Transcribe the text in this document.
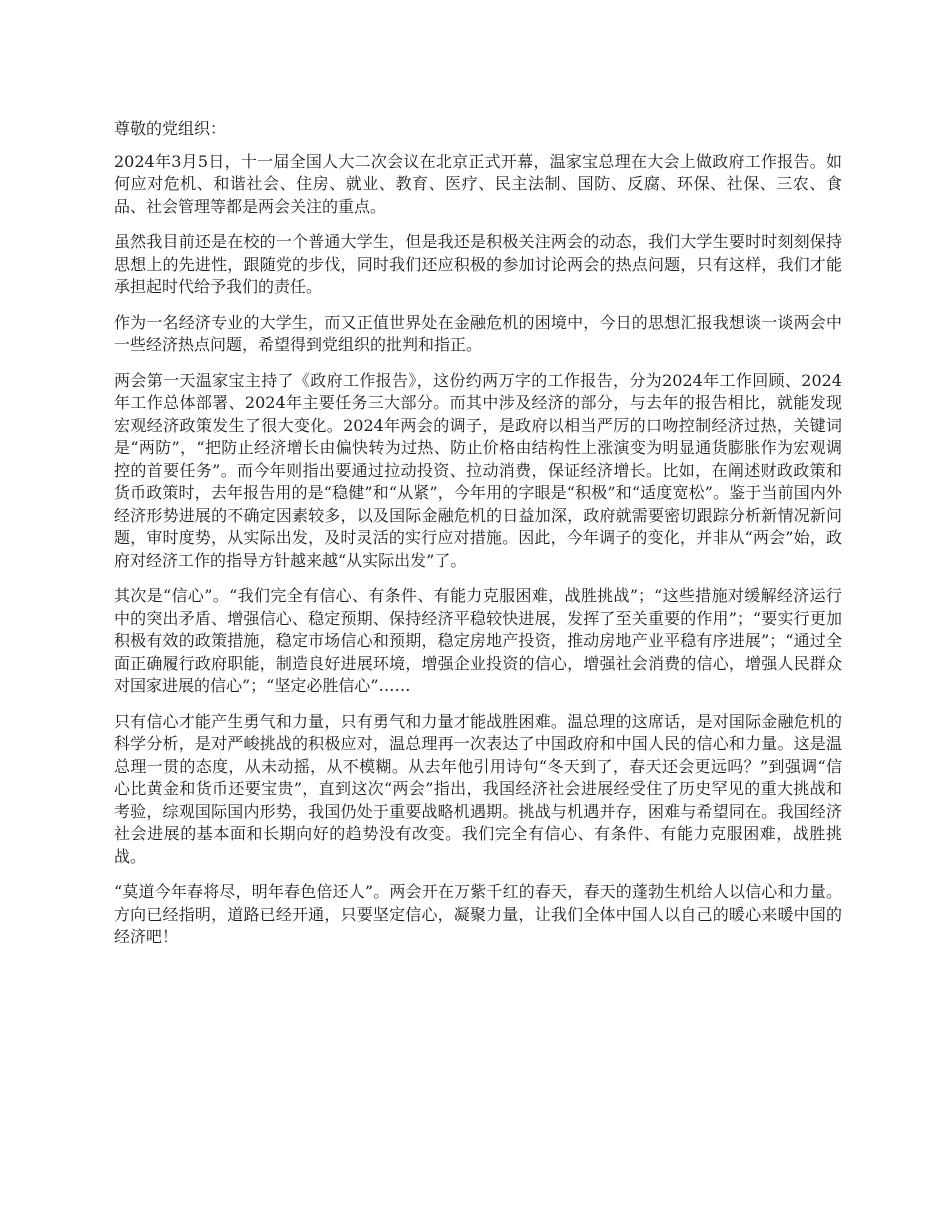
尊敬的党组织：

2024年3月5日，十一届全国人大二次会议在北京正式开幕，温家宝总理在大会上做政府工作报告。如何应对危机、和谐社会、住房、就业、教育、医疗、民主法制、国防、反腐、环保、社保、三农、食品、社会管理等都是两会关注的重点。

虽然我目前还是在校的一个普通大学生，但是我还是积极关注两会的动态，我们大学生要时时刻刻保持思想上的先进性，跟随党的步伐，同时我们还应积极的参加讨论两会的热点问题，只有这样，我们才能承担起时代给予我们的责任。

作为一名经济专业的大学生，而又正值世界处在金融危机的困境中，今日的思想汇报我想谈一谈两会中一些经济热点问题，希望得到党组织的批判和指正。

两会第一天温家宝主持了《政府工作报告》，这份约两万字的工作报告，分为2024年工作回顾、2024年工作总体部署、2024年主要任务三大部分。而其中涉及经济的部分，与去年的报告相比，就能发现宏观经济政策发生了很大变化。2024年两会的调子，是政府以相当严厉的口吻控制经济过热，关键词是“两防”，“把防止经济增长由偏快转为过热、防止价格由结构性上涨演变为明显通货膨胀作为宏观调控的首要任务”。而今年则指出要通过拉动投资、拉动消费，保证经济增长。比如，在阐述财政政策和货币政策时，去年报告用的是“稳健”和“从紧”，今年用的字眼是“积极”和“适度宽松”。鉴于当前国内外经济形势进展的不确定因素较多，以及国际金融危机的日益加深，政府就需要密切跟踪分析新情况新问题，审时度势，从实际出发，及时灵活的实行应对措施。因此，今年调子的变化，并非从“两会”始，政府对经济工作的指导方针越来越“从实际出发”了。

其次是“信心”。“我们完全有信心、有条件、有能力克服困难，战胜挑战”；“这些措施对缓解经济运行中的突出矛盾、增强信心、稳定预期、保持经济平稳较快进展，发挥了至关重要的作用”；“要实行更加积极有效的政策措施，稳定市场信心和预期，稳定房地产投资，推动房地产业平稳有序进展”；“通过全面正确履行政府职能，制造良好进展环境，增强企业投资的信心，增强社会消费的信心，增强人民群众对国家进展的信心”；“坚定必胜信心”……

只有信心才能产生勇气和力量，只有勇气和力量才能战胜困难。温总理的这席话，是对国际金融危机的科学分析，是对严峻挑战的积极应对，温总理再一次表达了中国政府和中国人民的信心和力量。这是温总理一贯的态度，从未动摇，从不模糊。从去年他引用诗句“冬天到了，春天还会更远吗？”到强调“信心比黄金和货币还要宝贵”，直到这次“两会”指出，我国经济社会进展经受住了历史罕见的重大挑战和考验，综观国际国内形势，我国仍处于重要战略机遇期。挑战与机遇并存，困难与希望同在。我国经济社会进展的基本面和长期向好的趋势没有改变。我们完全有信心、有条件、有能力克服困难，战胜挑战。

“莫道今年春将尽，明年春色倍还人”。两会开在万紫千红的春天，春天的蓬勃生机给人以信心和力量。方向已经指明，道路已经开通，只要坚定信心，凝聚力量，让我们全体中国人以自己的暖心来暖中国的经济吧！
